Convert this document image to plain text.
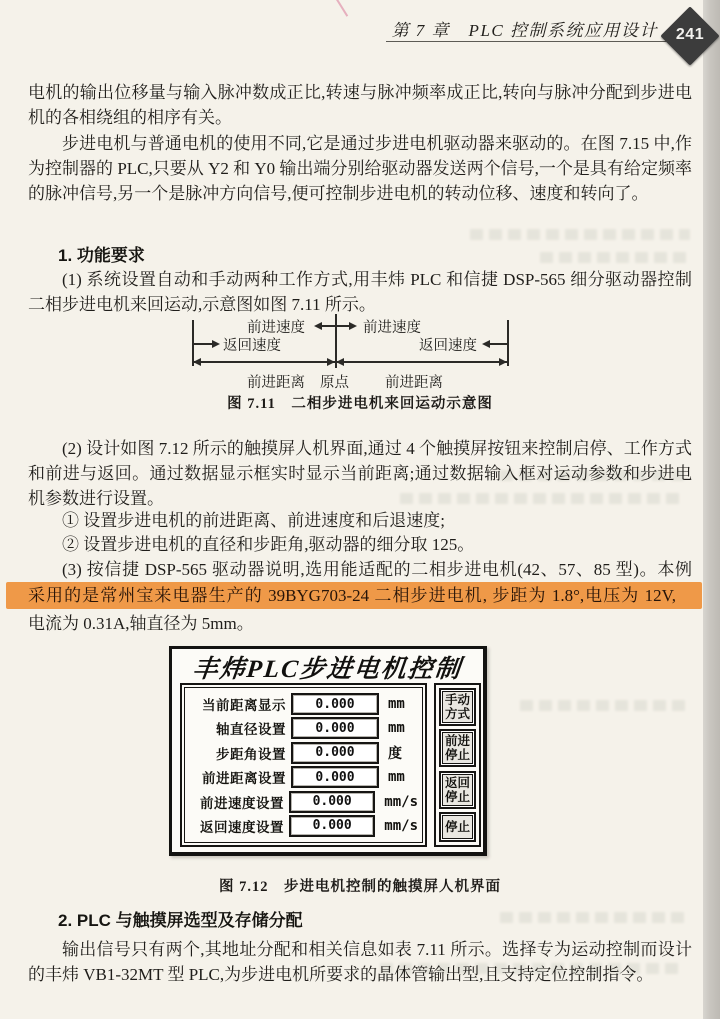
第 7 章　PLC 控制系统应用设计	241
电机的输出位移量与输入脉冲数成正比,转速与脉冲频率成正比,转向与脉冲分配到步进电机的各相绕组的相序有关。
步进电机与普通电机的使用不同,它是通过步进电机驱动器来驱动的。在图 7.15 中,作为控制器的 PLC,只要从 Y2 和 Y0 输出端分别给驱动器发送两个信号,一个是具有给定频率的脉冲信号,另一个是脉冲方向信号,便可控制步进电机的转动位移、速度和转向了。
1. 功能要求
(1) 系统设置自动和手动两种工作方式,用丰炜 PLC 和信捷 DSP-565 细分驱动器控制二相步进电机来回运动,示意图如图 7.11 所示。
前进速度	前进速度
返回速度	返回速度
前进距离 原点 前进距离
图 7.11　二相步进电机来回运动示意图
(2) 设计如图 7.12 所示的触摸屏人机界面,通过 4 个触摸屏按钮来控制启停、工作方式和前进与返回。通过数据显示框实时显示当前距离;通过数据输入框对运动参数和步进电机参数进行设置。
① 设置步进电机的前进距离、前进速度和后退速度;
② 设置步进电机的直径和步距角,驱动器的细分取 125。
(3) 按信捷 DSP-565 驱动器说明,选用能适配的二相步进电机(42、57、85 型)。本例
采用的是常州宝来电器生产的 39BYG703-24 二相步进电机, 步距为 1.8°,电压为 12V,
电流为 0.31A,轴直径为 5mm。
丰炜PLC步进电机控制
当前距离显示	0.000	mm
轴直径设置	0.000	mm
步距角设置	0.000	度
前进距离设置	0.000	mm
前进速度设置	0.000	mm/s
返回速度设置	0.000	mm/s
手动方式
前进停止
返回停止
停止
图 7.12　步进电机控制的触摸屏人机界面
2. PLC 与触摸屏选型及存储分配
输出信号只有两个,其地址分配和相关信息如表 7.11 所示。选择专为运动控制而设计的丰炜 VB1-32MT 型 PLC,为步进电机所要求的晶体管输出型,且支持定位控制指令。
